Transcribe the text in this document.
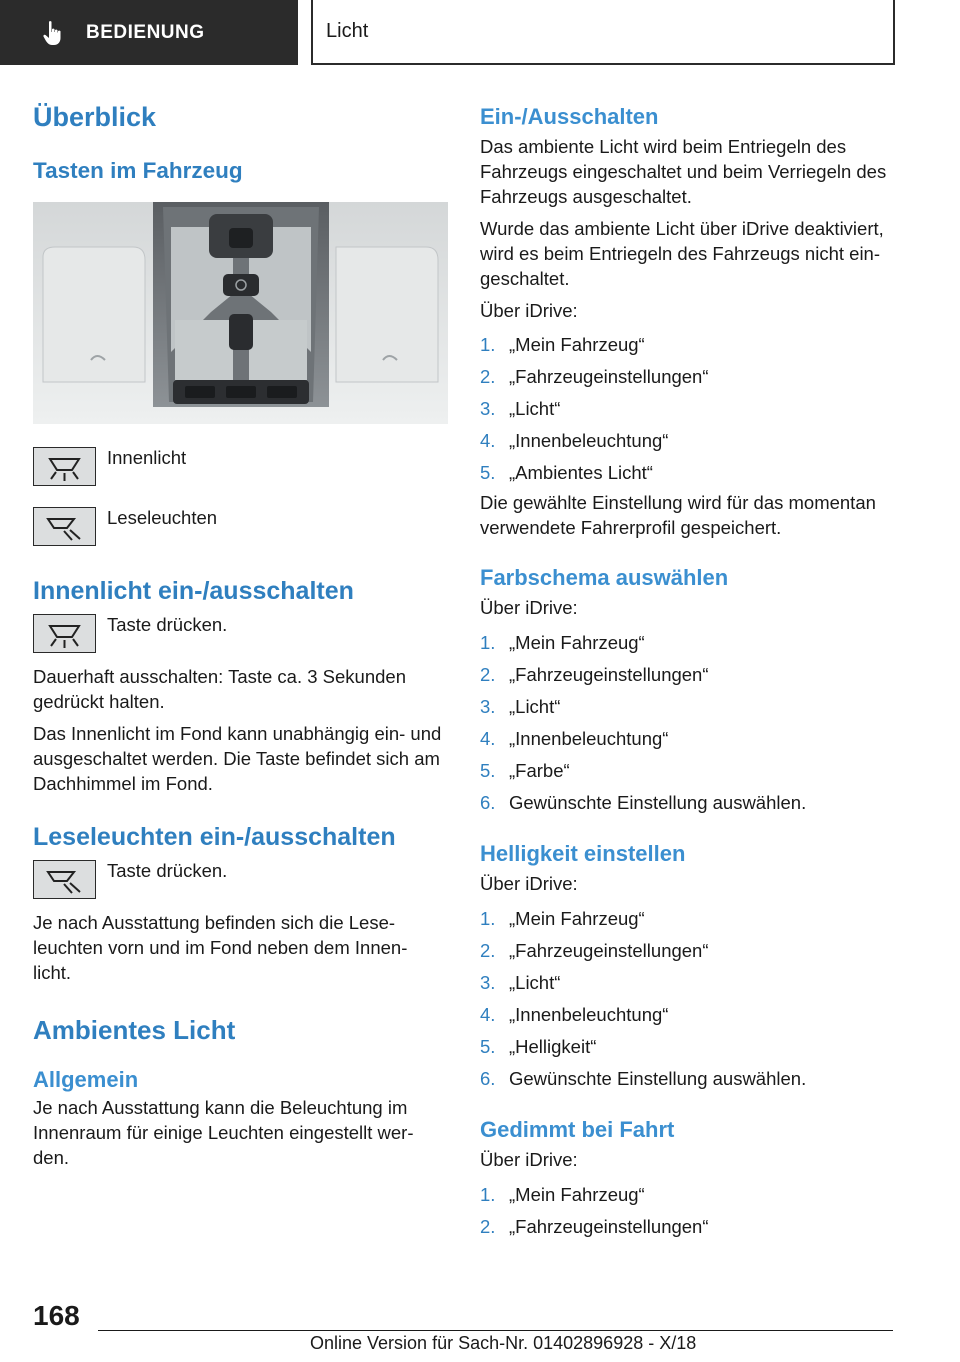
BEDIENUNG	Licht
Überblick
Tasten im Fahrzeug
Innenlicht
Leseleuchten
Innenlicht ein-/ausschalten
Taste drücken.

Dauerhaft ausschalten: Taste ca. 3 Sekunden gedrückt halten.

Das Innenlicht im Fond kann unabhängig ein- und ausgeschaltet werden. Die Taste befindet sich am Dachhimmel im Fond.

Leseleuchten ein-/ausschalten
Taste drücken.

Je nach Ausstattung befinden sich die Lese- leuchten vorn und im Fond neben dem Innen- licht.

Ambientes Licht
Allgemein

Je nach Ausstattung kann die Beleuchtung im Innenraum für einige Leuchten eingestellt wer- den.

Ein-/Ausschalten

Das ambiente Licht wird beim Entriegeln des Fahrzeugs eingeschaltet und beim Verriegeln des Fahrzeugs ausgeschaltet.

Wurde das ambiente Licht über iDrive deaktiviert, wird es beim Entriegeln des Fahrzeugs nicht ein- geschaltet.

Über iDrive:

1. „Mein Fahrzeug“
2. „Fahrzeugeinstellungen“
3. „Licht“
4. „Innenbeleuchtung“
5. „Ambientes Licht“

Die gewählte Einstellung wird für das momentan verwendete Fahrerprofil gespeichert.

Farbschema auswählen

Über iDrive:

1. „Mein Fahrzeug“
2. „Fahrzeugeinstellungen“
3. „Licht“
4. „Innenbeleuchtung“
5. „Farbe“
6. Gewünschte Einstellung auswählen.
Helligkeit einstellen

Über iDrive:

1. „Mein Fahrzeug“
2. „Fahrzeugeinstellungen“
3. „Licht“
4. „Innenbeleuchtung“
5. „Helligkeit“
6. Gewünschte Einstellung auswählen.
Gedimmt bei Fahrt

Über iDrive:

1. „Mein Fahrzeug“
2. „Fahrzeugeinstellungen“
168
Online Version für Sach-Nr. 01402896928 - X/18
